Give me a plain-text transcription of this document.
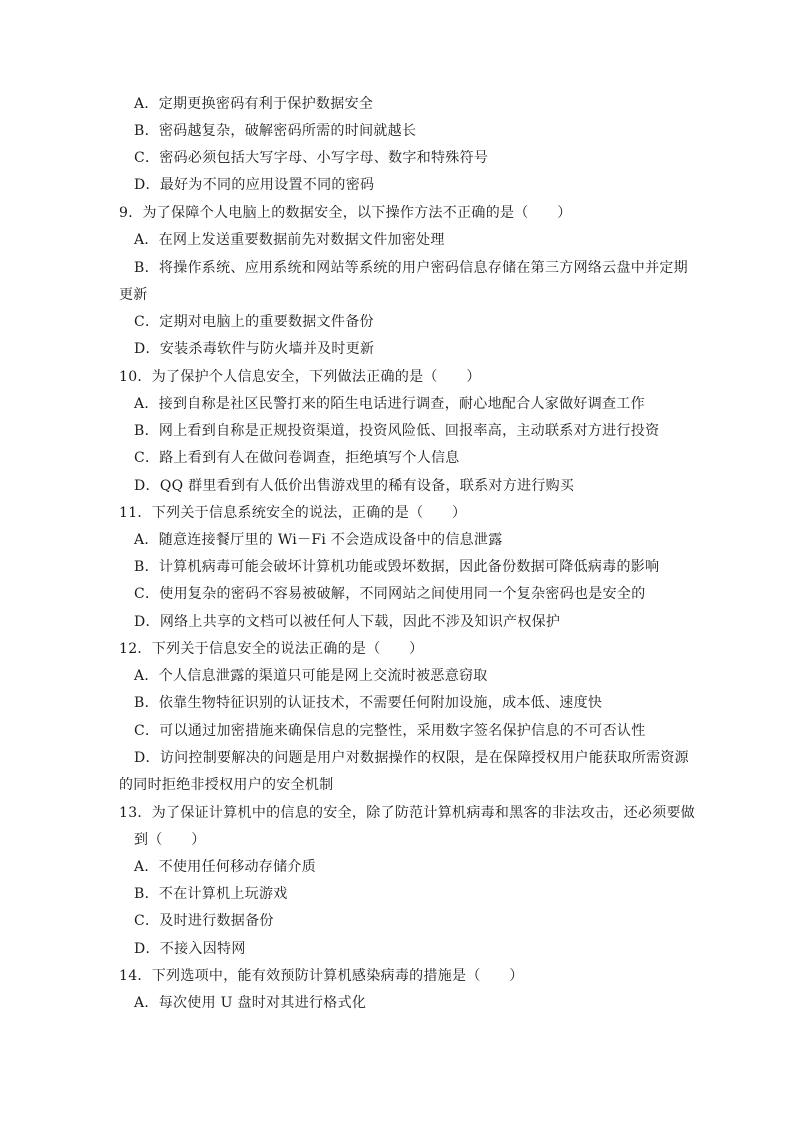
A．定期更换密码有利于保护数据安全
B．密码越复杂，破解密码所需的时间就越长
C．密码必须包括大写字母、小写字母、数字和特殊符号
D．最好为不同的应用设置不同的密码
9．为了保障个人电脑上的数据安全，以下操作方法不正确的是（　　）
A．在网上发送重要数据前先对数据文件加密处理
B．将操作系统、应用系统和网站等系统的用户密码信息存储在第三方网络云盘中并定期
更新
C．定期对电脑上的重要数据文件备份
D．安装杀毒软件与防火墙并及时更新
10．为了保护个人信息安全，下列做法正确的是（　　）
A．接到自称是社区民警打来的陌生电话进行调查，耐心地配合人家做好调查工作
B．网上看到自称是正规投资渠道，投资风险低、回报率高，主动联系对方进行投资
C．路上看到有人在做问卷调查，拒绝填写个人信息
D．QQ 群里看到有人低价出售游戏里的稀有设备，联系对方进行购买
11．下列关于信息系统安全的说法，正确的是（　　）
A．随意连接餐厅里的 Wi－Fi 不会造成设备中的信息泄露
B．计算机病毒可能会破坏计算机功能或毁坏数据，因此备份数据可降低病毒的影响
C．使用复杂的密码不容易被破解，不同网站之间使用同一个复杂密码也是安全的
D．网络上共享的文档可以被任何人下载，因此不涉及知识产权保护
12．下列关于信息安全的说法正确的是（　　）
A．个人信息泄露的渠道只可能是网上交流时被恶意窃取
B．依靠生物特征识别的认证技术，不需要任何附加设施，成本低、速度快
C．可以通过加密措施来确保信息的完整性，采用数字签名保护信息的不可否认性
D．访问控制要解决的问题是用户对数据操作的权限，是在保障授权用户能获取所需资源
的同时拒绝非授权用户的安全机制
13．为了保证计算机中的信息的安全，除了防范计算机病毒和黑客的非法攻击，还必须要做
到（　　）
A．不使用任何移动存储介质
B．不在计算机上玩游戏
C．及时进行数据备份
D．不接入因特网
14．下列选项中，能有效预防计算机感染病毒的措施是（　　）
A．每次使用 U 盘时对其进行格式化
